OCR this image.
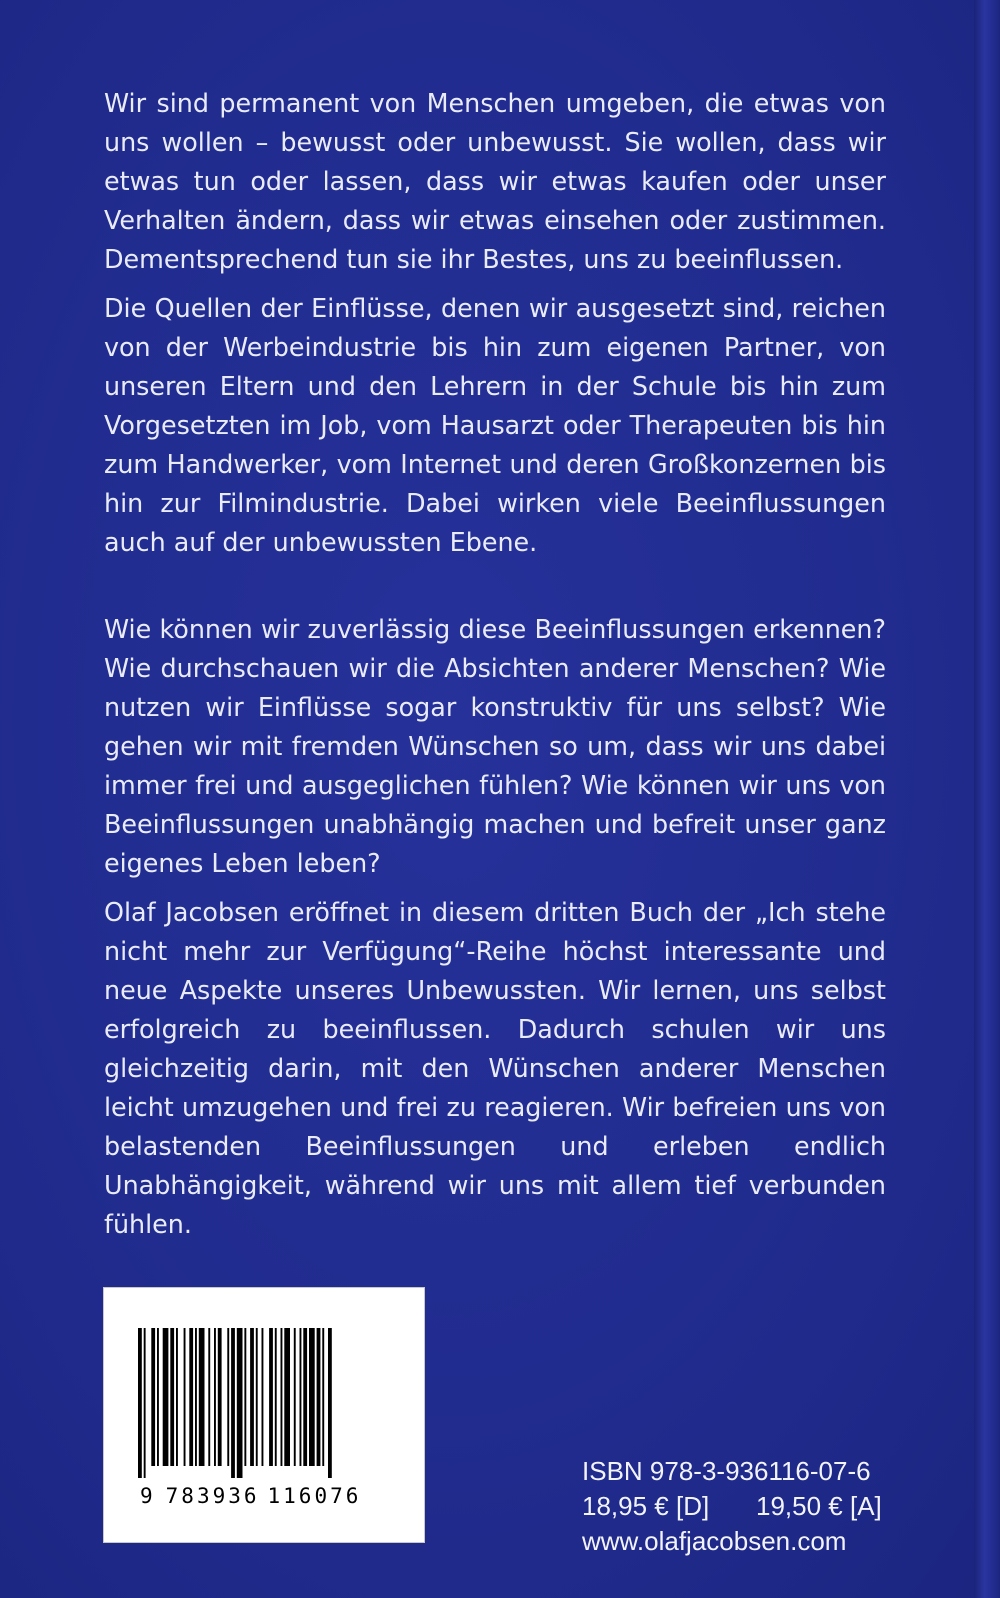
Wir sind permanent von Menschen umgeben, die etwas von uns wollen – bewusst oder unbewusst. Sie wollen, dass wir etwas tun oder lassen, dass wir etwas kaufen oder unser Verhalten ändern, dass wir etwas einsehen oder zustimmen. Dementsprechend tun sie ihr Bestes, uns zu beeinflussen.

Die Quellen der Einflüsse, denen wir ausgesetzt sind, reichen von der Werbeindustrie bis hin zum eigenen Partner, von unseren Eltern und den Lehrern in der Schule bis hin zum Vorgesetzten im Job, vom Hausarzt oder Therapeuten bis hin zum Handwerker, vom Internet und deren Großkonzernen bis hin zur Filmindustrie. Dabei wirken viele Beeinflussungen auch auf der unbewussten Ebene.

Wie können wir zuverlässig diese Beeinflussungen erkennen? Wie durchschauen wir die Absichten anderer Menschen? Wie nutzen wir Einflüsse sogar konstruktiv für uns selbst? Wie gehen wir mit fremden Wünschen so um, dass wir uns dabei immer frei und ausgeglichen fühlen? Wie können wir uns von Beeinflussungen unabhängig machen und befreit unser ganz eigenes Leben leben?

Olaf Jacobsen eröffnet in diesem dritten Buch der „Ich stehe nicht mehr zur Verfügung“-Reihe höchst interessante und neue Aspekte unseres Unbewussten. Wir lernen, uns selbst erfolgreich zu beeinflussen. Dadurch schulen wir uns gleichzeitig darin, mit den Wünschen anderer Menschen leicht umzugehen und frei zu reagieren. Wir befreien uns von belastenden Beeinflussungen und erleben endlich Unabhängigkeit, während wir uns mit allem tief verbunden fühlen.

9 783936 116076
ISBN 978-3-936116-07-6
18,95 € [D] 19,50 € [A]
www.olafjacobsen.com
